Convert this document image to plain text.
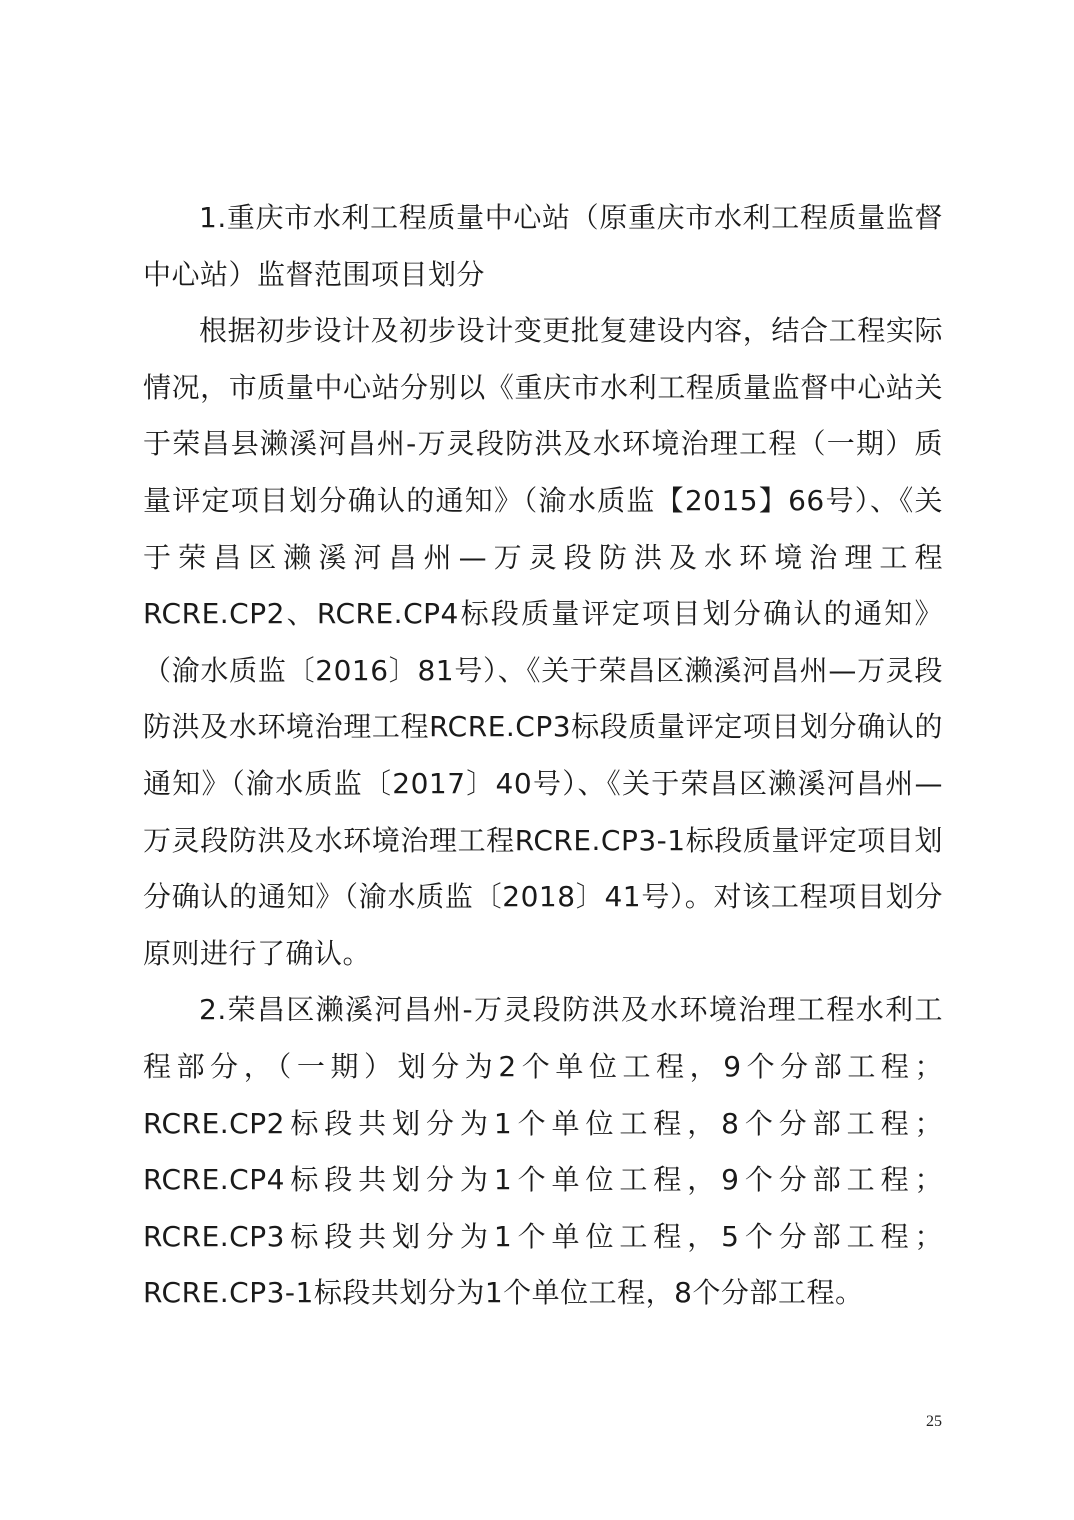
1.重庆市水利工程质量中心站（原重庆市水利工程质量监督中心站）监督范围项目划分

根据初步设计及初步设计变更批复建设内容，结合工程实际情况，市质量中心站分别以《重庆市水利工程质量监督中心站关于荣昌县濑溪河昌州-万灵段防洪及水环境治理工程（一期）质量评定项目划分确认的通知》（渝水质监【2015】66号）、《关于荣昌区濑溪河昌州—万灵段防洪及水环境治理工程RCRE.CP2、RCRE.CP4标段质量评定项目划分确认的通知》（渝水质监〔2016〕81号）、《关于荣昌区濑溪河昌州—万灵段防洪及水环境治理工程RCRE.CP3标段质量评定项目划分确认的通知》（渝水质监〔2017〕40号）、《关于荣昌区濑溪河昌州—万灵段防洪及水环境治理工程RCRE.CP3-1标段质量评定项目划分确认的通知》（渝水质监〔2018〕41号）。对该工程项目划分原则进行了确认。

2.荣昌区濑溪河昌州-万灵段防洪及水环境治理工程水利工程部分，（一期）划分为2个单位工程，9个分部工程；RCRE.CP2标段共划分为1个单位工程，8个分部工程；RCRE.CP4标段共划分为1个单位工程，9个分部工程；RCRE.CP3标段共划分为1个单位工程，5个分部工程；RCRE.CP3-1标段共划分为1个单位工程，8个分部工程。

25
